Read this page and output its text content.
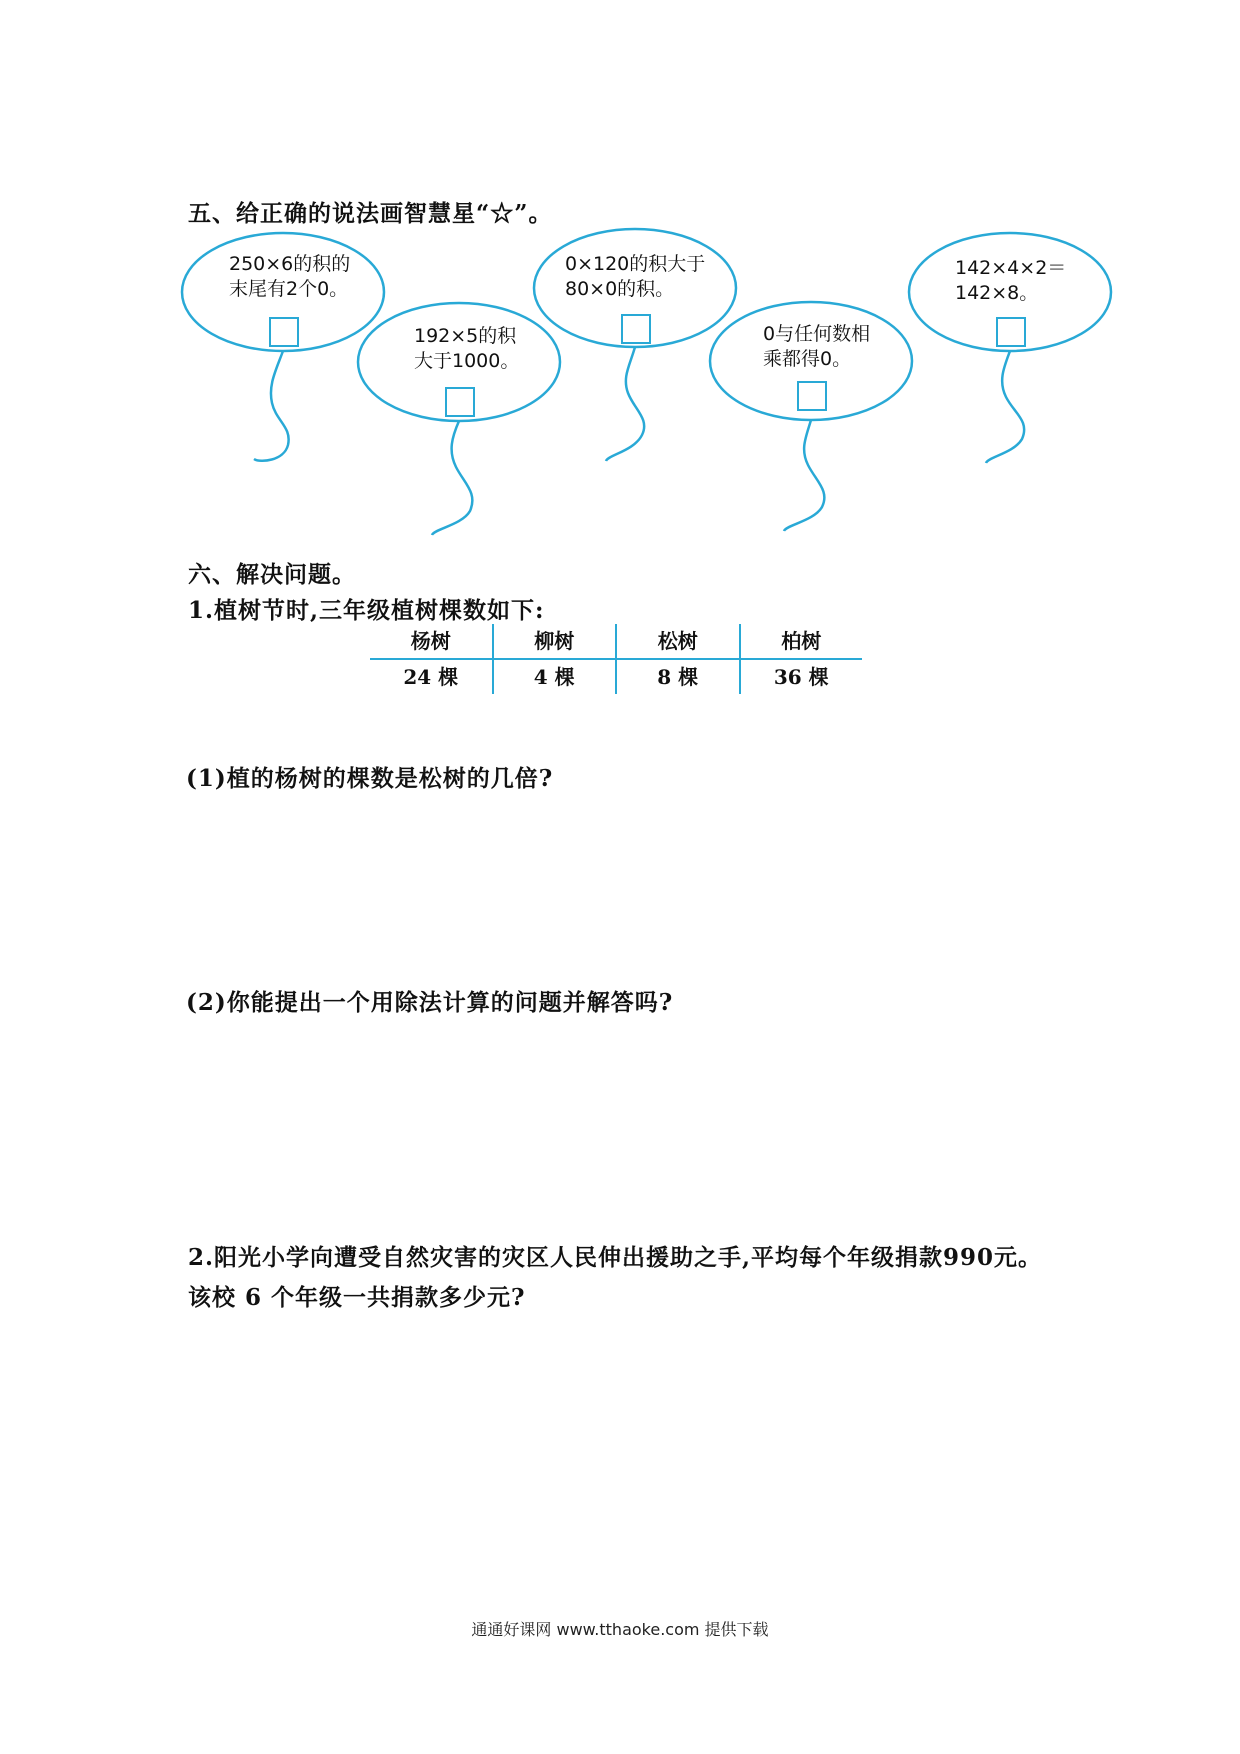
五、给正确的说法画智慧星“☆”。
250×6的积的
末尾有2个0。
192×5的积
大于1000。
0×120的积大于
80×0的积。
0与任何数相
乘都得0。
142×4×2＝
142×8。
六、解决问题。
1.植树节时,三年级植树棵数如下:
杨树	柳树	松树	柏树
24 棵	4 棵	8 棵	36 棵
(1)植的杨树的棵数是松树的几倍?
(2)你能提出一个用除法计算的问题并解答吗?
2.阳光小学向遭受自然灾害的灾区人民伸出援助之手,平均每个年级捐款990元。
该校 6 个年级一共捐款多少元?
通通好课网 www.tthaoke.com 提供下载
